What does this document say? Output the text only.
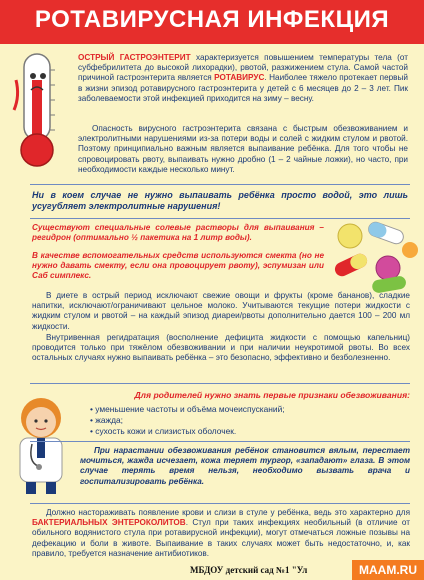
РОТАВИРУСНАЯ ИНФЕКЦИЯ

ОСТРЫЙ ГАСТРОЭНТЕРИТ характеризуется повышением температуры тела (от субфебрилитета до высокой лихорадки), рвотой, разжижением стула. Самой частой причиной гастроэнтерита является РОТАВИРУС. Наиболее тяжело протекает первый в жизни эпизод ротавирусного гастроэнтерита у детей с 6 месяцев до 2 – 3 лет. Пик заболеваемости этой инфекцией приходится на зиму – весну.

Опасность вирусного гастроэнтерита связана с быстрым обезвоживанием и электролитными нарушениями из-за потери воды и солей с жидким стулом и рвотой. Поэтому принципиально важным является выпаивание ребёнка. Для того чтобы не спровоцировать рвоту, выпаивать нужно дробно (1 – 2 чайные ложки), но часто, при необходимости каждые несколько минут.

Ни в коем случае не нужно выпаивать ребёнка просто водой, это лишь усугубляет электролитные нарушения!

Существуют специальные солевые растворы для выпаивания – регидрон (оптимально ½ пакетика на 1 литр воды).

В качестве вспомогательных средств используются смекта (но не нужно давать смекту, если она провоцирует рвоту), эспумизан или Саб симплекс.

В диете в острый период исключают свежие овощи и фрукты (кроме бананов), сладкие напитки, исключают/ограничивают цельное молоко. Учитываются текущие потери жидкости с жидким стулом и рвотой – на каждый эпизод диареи/рвоты дополнительно дается 100 – 200 мл жидкости.

Внутривенная регидратация (восполнение дефицита жидкости с помощью капельниц) проводится только при тяжёлом обезвоживании и при наличии неукротимой рвоты. Во всех остальных случаях нужно выпаивать ребёнка – это безопасно, эффективно и безболезненно.

Для родителей нужно знать первые признаки обезвоживания:
• уменьшение частоты и объёма мочеиспусканий;
• жажда;
• сухость кожи и слизистых оболочек.

При нарастании обезвоживания ребёнок становится вялым, перестает мочиться, жажда исчезает, кожа теряет тургор, «западают» глаза. В этом случае терять время нельзя, необходимо вызвать врача и госпитализировать ребёнка.

Должно настораживать появление крови и слизи в стуле у ребёнка, ведь это характерно для БАКТЕРИАЛЬНЫХ ЭНТЕРОКОЛИТОВ. Стул при таких инфекциях необильный (в отличие от обильного водянистого стула при ротавирусной инфекции), могут отмечаться ложные позывы на дефекацию и боли в животе. Выпаивание в таких случаях может быть недостаточно, и, как правило, требуется назначение антибиотиков.

МБДОУ детский сад №1 "Ул	MAAM.RU
